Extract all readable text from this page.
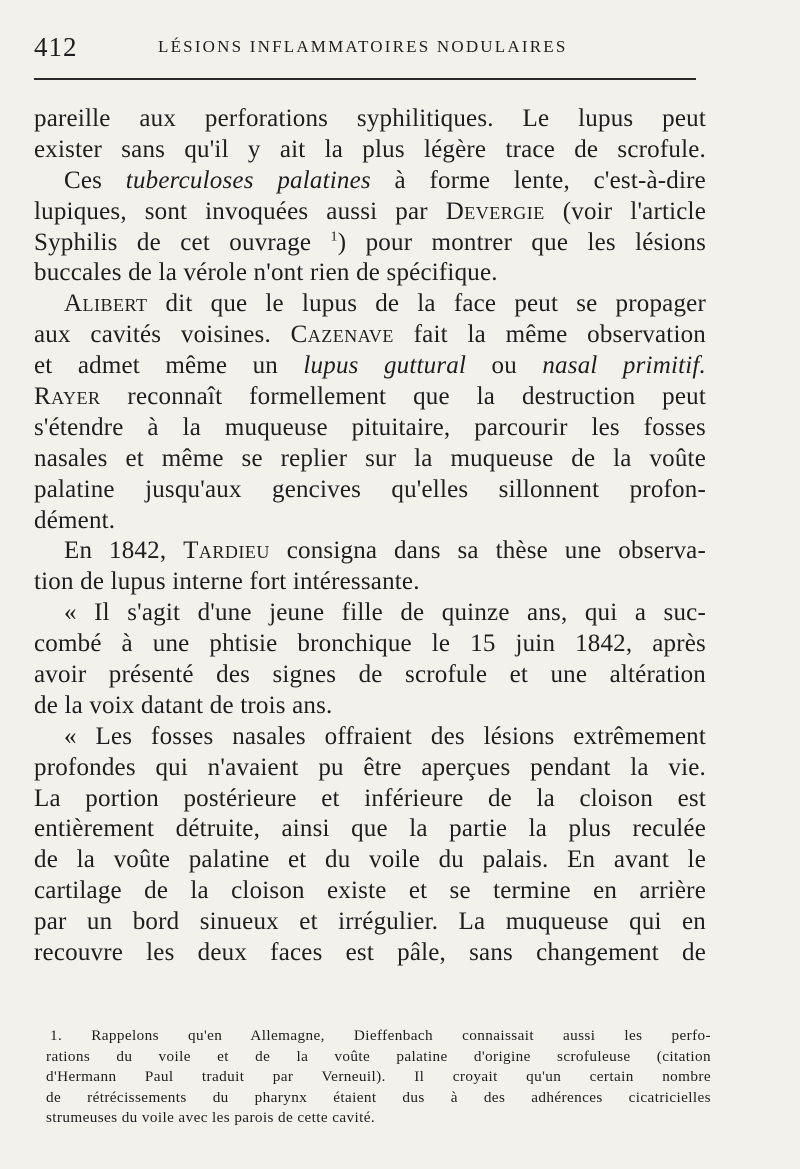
412	LÉSIONS INFLAMMATOIRES NODULAIRES
pareille aux perforations syphilitiques. Le lupus peut
exister sans qu'il y ait la plus légère trace de scrofule.
Ces tuberculoses palatines à forme lente, c'est-à-dire
lupiques, sont invoquées aussi par Devergie (voir l'article
Syphilis de cet ouvrage $^1$) pour montrer que les lésions
buccales de la vérole n'ont rien de spécifique.
Alibert dit que le lupus de la face peut se propager
aux cavités voisines. Cazenave fait la même observation
et admet même un lupus guttural ou nasal primitif.
Rayer reconnaît formellement que la destruction peut
s'étendre à la muqueuse pituitaire, parcourir les fosses
nasales et même se replier sur la muqueuse de la voûte
palatine jusqu'aux gencives qu'elles sillonnent profon-
dément.
En 1842, Tardieu consigna dans sa thèse une observa-
tion de lupus interne fort intéressante.
« Il s'agit d'une jeune fille de quinze ans, qui a suc-
combé à une phtisie bronchique le 15 juin 1842, après
avoir présenté des signes de scrofule et une altération
de la voix datant de trois ans.
« Les fosses nasales offraient des lésions extrêmement
profondes qui n'avaient pu être aperçues pendant la vie.
La portion postérieure et inférieure de la cloison est
entièrement détruite, ainsi que la partie la plus reculée
de la voûte palatine et du voile du palais. En avant le
cartilage de la cloison existe et se termine en arrière
par un bord sinueux et irrégulier. La muqueuse qui en
recouvre les deux faces est pâle, sans changement de
1. Rappelons qu'en Allemagne, Dieffenbach connaissait aussi les perfo-
rations du voile et de la voûte palatine d'origine scrofuleuse (citation
d'Hermann Paul traduit par Verneuil). Il croyait qu'un certain nombre
de rétrécissements du pharynx étaient dus à des adhérences cicatricielles
strumeuses du voile avec les parois de cette cavité.
